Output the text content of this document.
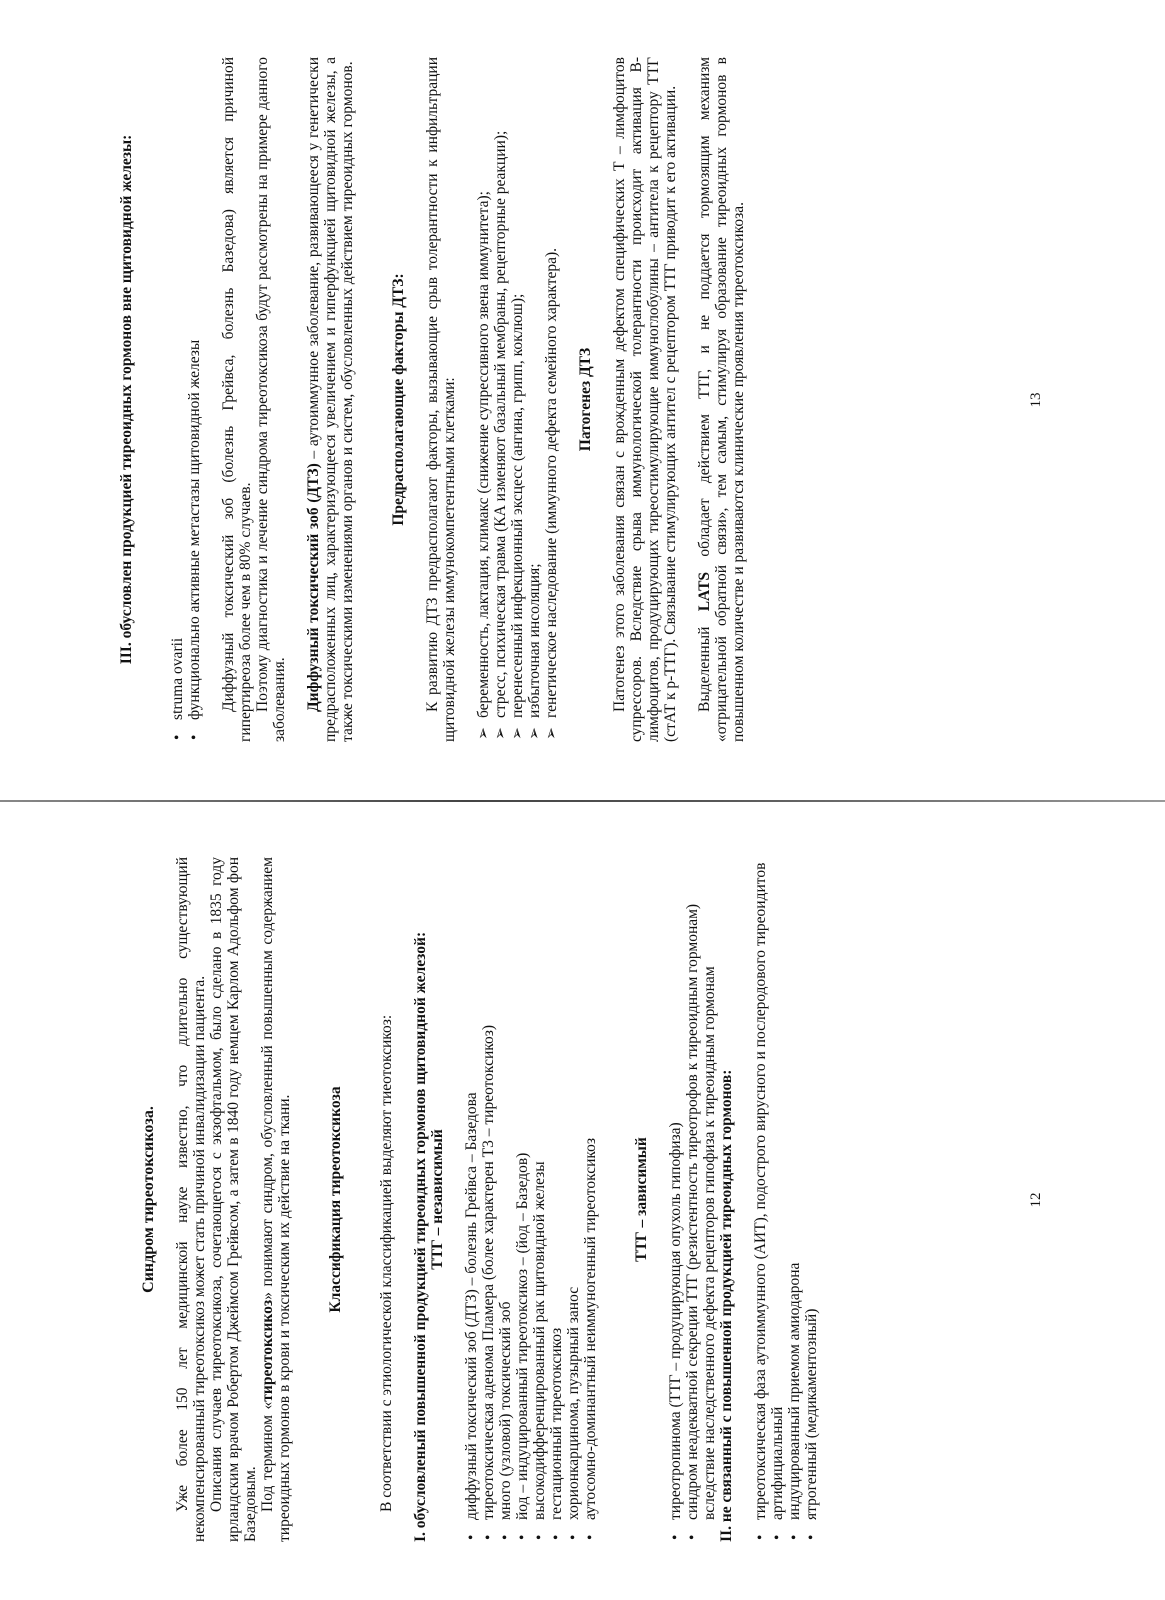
Синдром тиреотоксикоза. Уже более 150 лет медицинской науке известно, что длительно существующий некомпенсированный тиреотоксикоз может стать причиной инвалидизации пациента. Описания случаев тиреотоксикоза, сочетающегося с экзофтальмом, было сделано в 1835 году ирландским врачом Робертом Джеймсом Грейвсом, а затем в 1840 году немцем Карлом Адольфом фон Базедовым. Под термином «тиреотоксикоз» понимают синдром, обусловленный повышенным содержанием тиреоидных гормонов в крови и токсическим их действие на ткани. Классификация тиреотоксикоза В соответствии с этиологической классификацией выделяют тиеотоксикоз: I. обусловленый повышенной продукцией тиреоидных гормонов щитовидной железой: ТТГ – независимый

•
диффузный токсический зоб (ДТЗ) – болезнь Грейвса – Базедова
•
тиреотоксическая аденома Пламера (более характерен Т3 – тиреотоксикоз)
•
много (узловой) токсический зоб
•
йод – индуцированный тиреотоксикоз – (йод – Базедов)
•
высокодифференцированный рак щитовидной железы
•
гестационный тиреотоксикоз
•
хорионкарцинома, пузырный занос
•
аутосомно-доминантный неиммуногенный тиреотоксикоз ТТГ – зависимый

•
тиреотропинома (ТТГ – продуцирующая опухоль гипофиза)
•
синдром неадекватной секреции ТТГ (резистентность тиреотрофов к тиреоидным гормонам) вследствие наследственного дефекта рецепторов гипофиза к тиреоидным гормонам II. не связанный с повышенной продукцией тиреоидных гормонов: •
тиреотоксическая фаза аутоиммунного (АИТ), подострого вирусного и послеродового тиреоидитов
•
артифициальный
•
индуцированный приемом амиодарона
•
ятрогенный (медикаментозный)
12

III. обусловлен продукцией тиреоидных гормонов вне щитовидной железы:

•
struma ovarii
•
функционально активные метастазы щитовидной железы Диффузный токсический зоб (болезнь Грейвса, болезнь Базедова) является причиной гипертиреоза более чем в 80% случаев. Поэтому диагностика и лечение синдрома тиреотоксикоза будут рассмотрены на примере данного заболевания. Диффузный токсический зоб (ДТЗ) – аутоиммунное заболевание, развивающееся у генетически предрасположенных лиц, характеризующееся увеличением и гиперфункцией щитовидной железы, а также токсическими изменениями органов и систем, обусловленных действием тиреоидных гормонов. Предрасполагающие факторы ДТЗ: К развитию ДТЗ предрасполагают факторы, вызывающие срыв толерантности к инфильтрации щитовидной железы иммунокомпетентными клетками: ➢
беременность, лактация, климакс (снижение супрессивного звена иммунитета);
➢
стресс, психическая травма (КА изменяют базальный мембраны, рецепторные реакции);
➢
перенесенный инфекционный эксцесс (ангина, грипп, коклюш);
➢
избыточная инсоляция;
➢
генетическое наследование (иммунного дефекта семейного характера). Патогенез ДТЗ Патогенез этого заболевания связан с врожденным дефектом специфических Т – лимфоцитов супрессоров. Вследствие срыва иммунологической толерантности происходит активация В-лимфоцитов, продуцирующих тиреостимулирующие иммуноглобулины – антитела к рецептору ТТГ (стАТ к р-ТТГ). Связывание стимулирующих антител с рецептором ТТГ приводит к его активации. Выделенный LATS обладает действием ТТГ, и не поддается тормозящим механизм «отрицательной обратной связи», тем самым, стимулируя образование тиреоидных гормонов в повышенном количестве и развиваются клинические проявления тиреотоксикоза.	13
